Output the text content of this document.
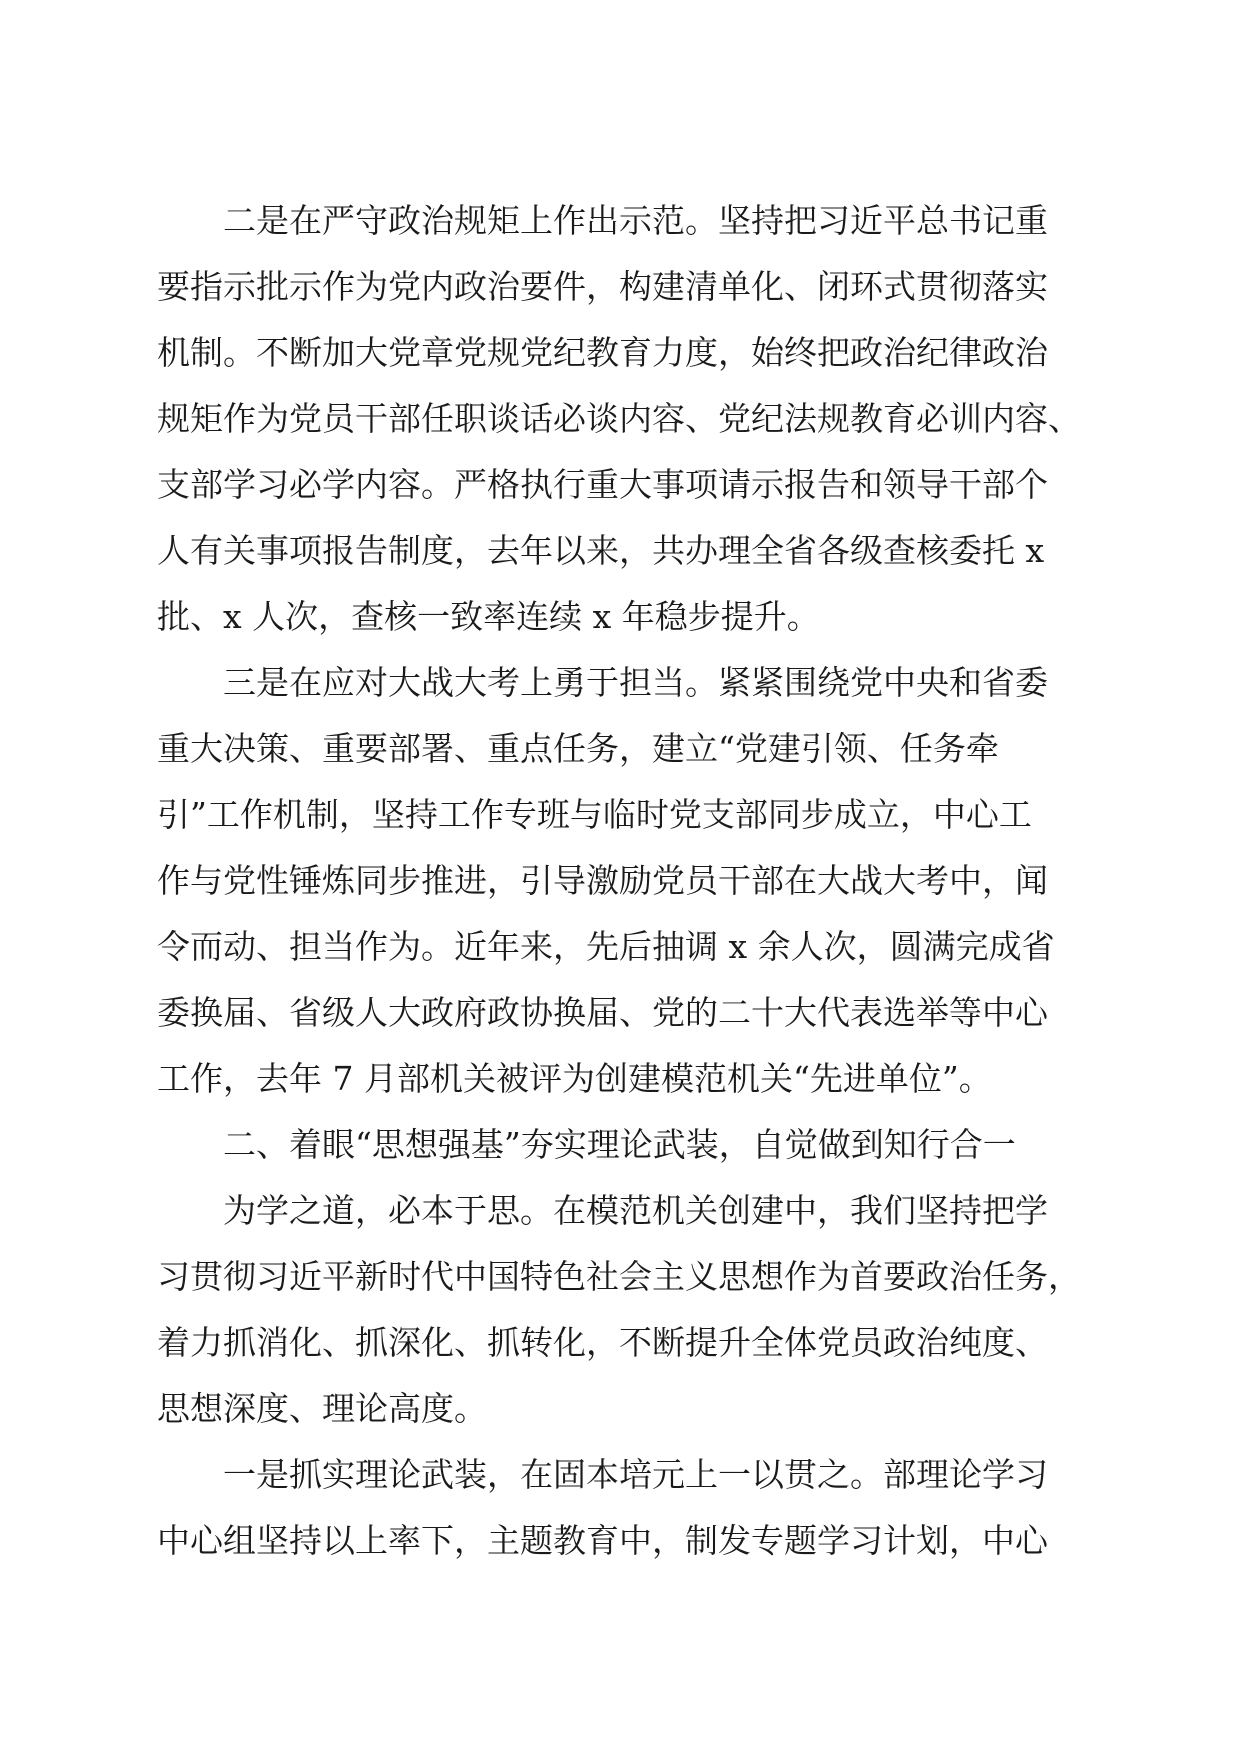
二是在严守政治规矩上作出示范。坚持把习近平总书记重
要指示批示作为党内政治要件，构建清单化、闭环式贯彻落实
机制。不断加大党章党规党纪教育力度，始终把政治纪律政治
规矩作为党员干部任职谈话必谈内容、党纪法规教育必训内容、
支部学习必学内容。严格执行重大事项请示报告和领导干部个
人有关事项报告制度，去年以来，共办理全省各级查核委托 x
批、x 人次，查核一致率连续 x 年稳步提升。
三是在应对大战大考上勇于担当。紧紧围绕党中央和省委
重大决策、重要部署、重点任务，建立“党建引领、任务牵
引”工作机制，坚持工作专班与临时党支部同步成立，中心工
作与党性锤炼同步推进，引导激励党员干部在大战大考中，闻
令而动、担当作为。近年来，先后抽调 x 余人次，圆满完成省
委换届、省级人大政府政协换届、党的二十大代表选举等中心
工作，去年 7 月部机关被评为创建模范机关“先进单位”。
二、着眼“思想强基”夯实理论武装，自觉做到知行合一
为学之道，必本于思。在模范机关创建中，我们坚持把学
习贯彻习近平新时代中国特色社会主义思想作为首要政治任务，
着力抓消化、抓深化、抓转化，不断提升全体党员政治纯度、
思想深度、理论高度。
一是抓实理论武装，在固本培元上一以贯之。部理论学习
中心组坚持以上率下，主题教育中，制发专题学习计划，中心
